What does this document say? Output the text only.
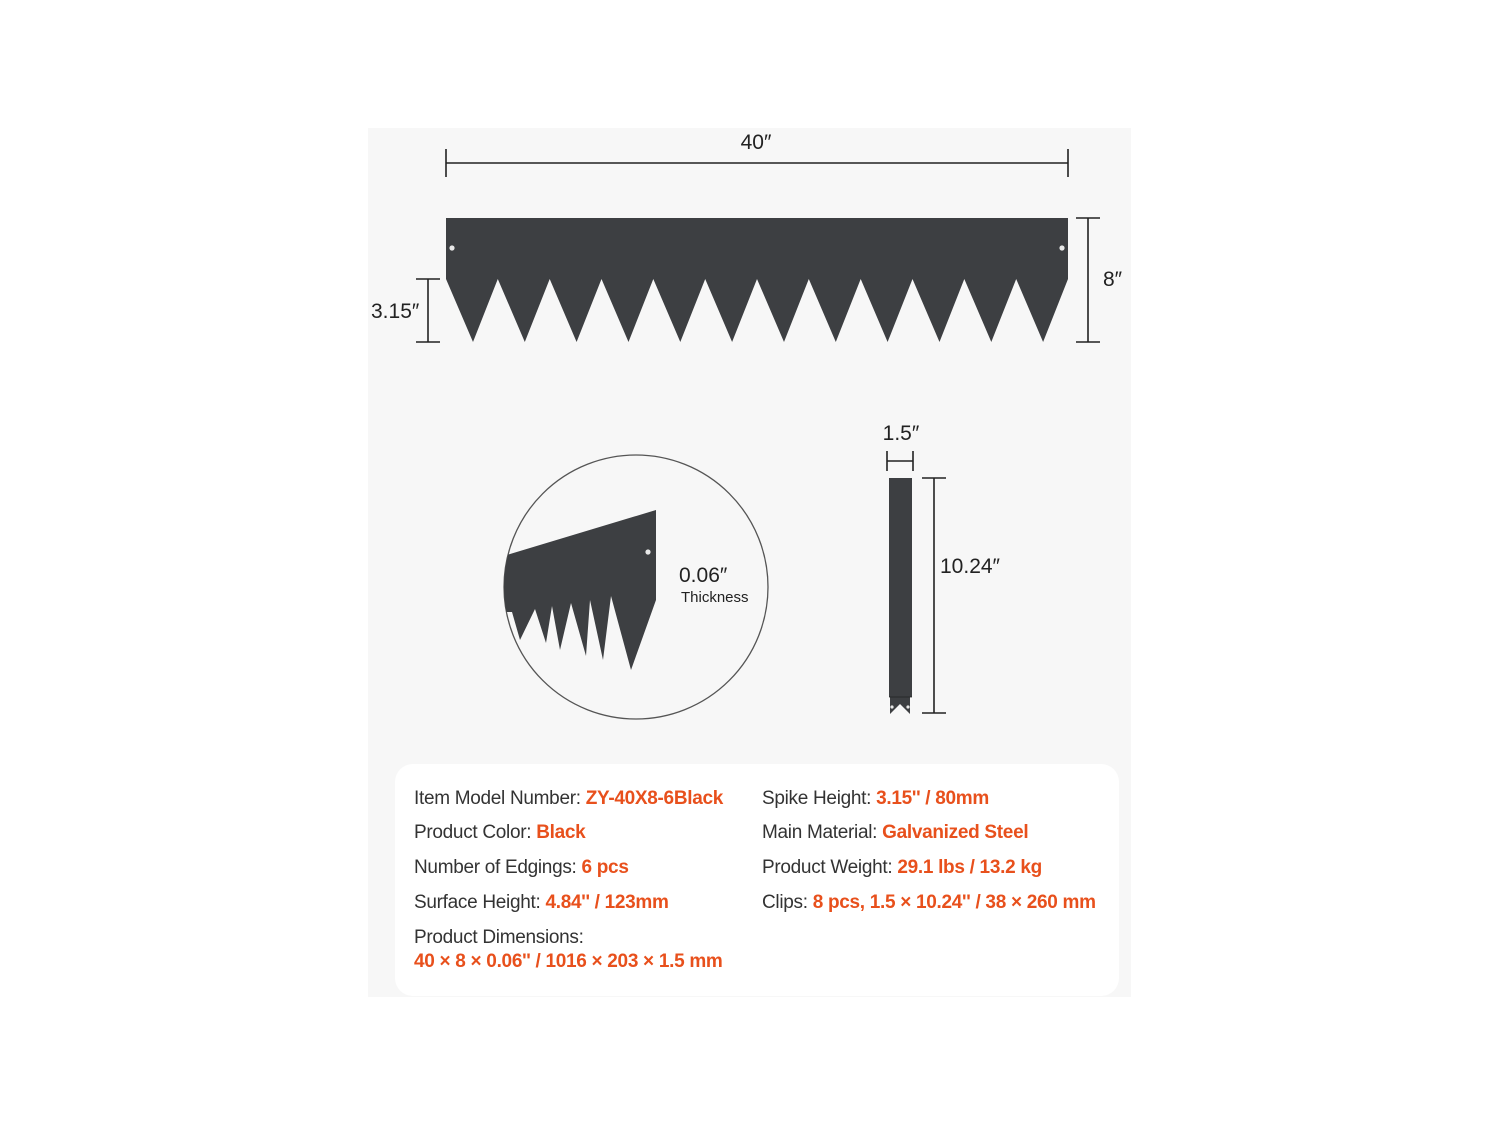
40″
8″
3.15″
0.06″
Thickness
1.5″
10.24″
Item Model Number: ZY-40X8-6Black
Product Color: Black
Number of Edgings: 6 pcs
Surface Height: 4.84'' / 123mm
Product Dimensions:
40 × 8 × 0.06'' / 1016 × 203 × 1.5 mm
Spike Height: 3.15'' / 80mm
Main Material: Galvanized Steel
Product Weight: 29.1 lbs / 13.2 kg
Clips: 8 pcs, 1.5 × 10.24'' / 38 × 260 mm
